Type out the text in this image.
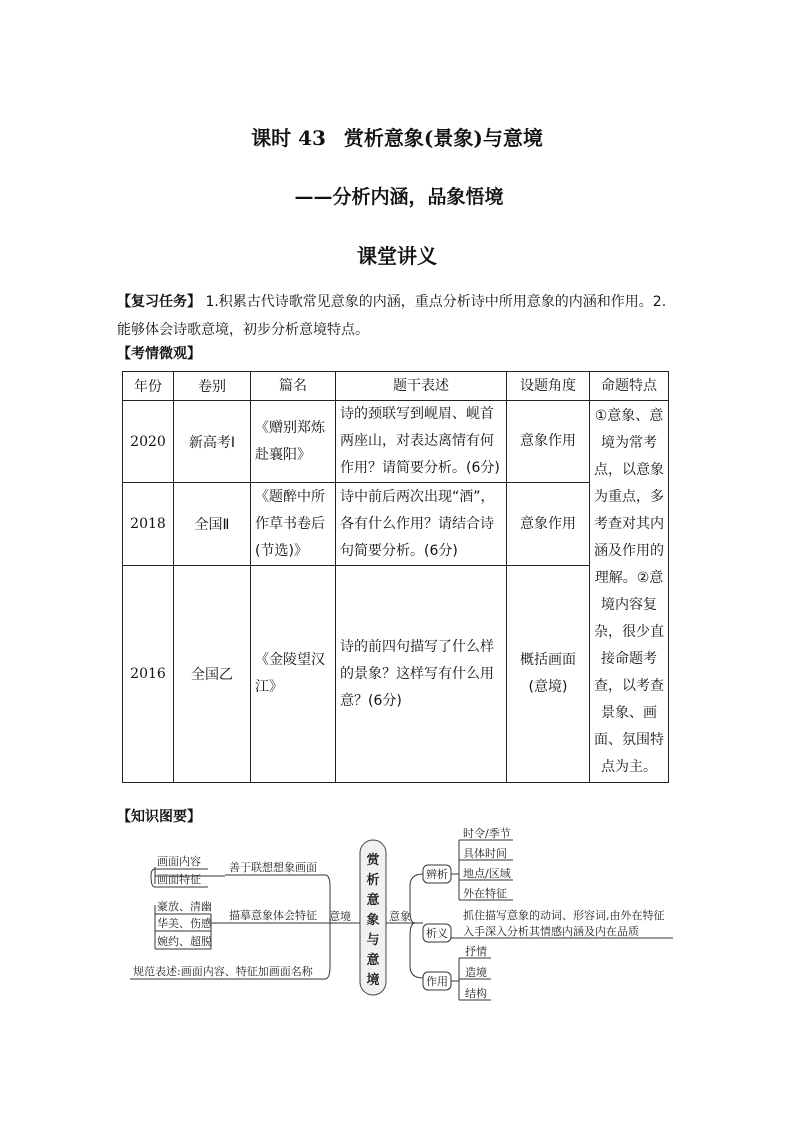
课时 43 赏析意象(景象)与意境
——分析内涵，品象悟境
课堂讲义
【复习任务】 1.积累古代诗歌常见意象的内涵，重点分析诗中所用意象的内涵和作用。2.能够体会诗歌意境，初步分析意境特点。
【考情微观】
年份	卷别	篇名	题干表述	设题角度	命题特点
2020	新高考Ⅰ	《赠别郑炼赴襄阳》	诗的颈联写到岘眉、岘首两座山，对表达离情有何作用？请简要分析。(6分)	意象作用	①意象、意境为常考点，以意象为重点，多考查对其内涵及作用的理解。②意境内容复杂，很少直接命题考查，以考查景象、画面、氛围特点为主。
2018	全国Ⅱ	《题醉中所作草书卷后(节选)》	诗中前后两次出现“酒”，各有什么作用？请结合诗句简要分析。(6分)	意象作用	
2016	全国乙	《金陵望汉江》	诗的前四句描写了什么样的景象？这样写有什么用意？(6分)	概括画面(意境)	
【知识图要】
赏
析
意
象
与
意
境
意境
善于联想想象画面
画面内容
画面特征
描摹意象体会特征
豪放、清幽
华美、伤感
婉约、超脱
规范表述:画面内容、特征加画面名称
意象
辨析
时令/季节
具体时间
地点/区域
外在特征
析义
抓住描写意象的动词、形容词,由外在特征
入手深入分析其情感内涵及内在品质
作用
抒情
造境
结构
